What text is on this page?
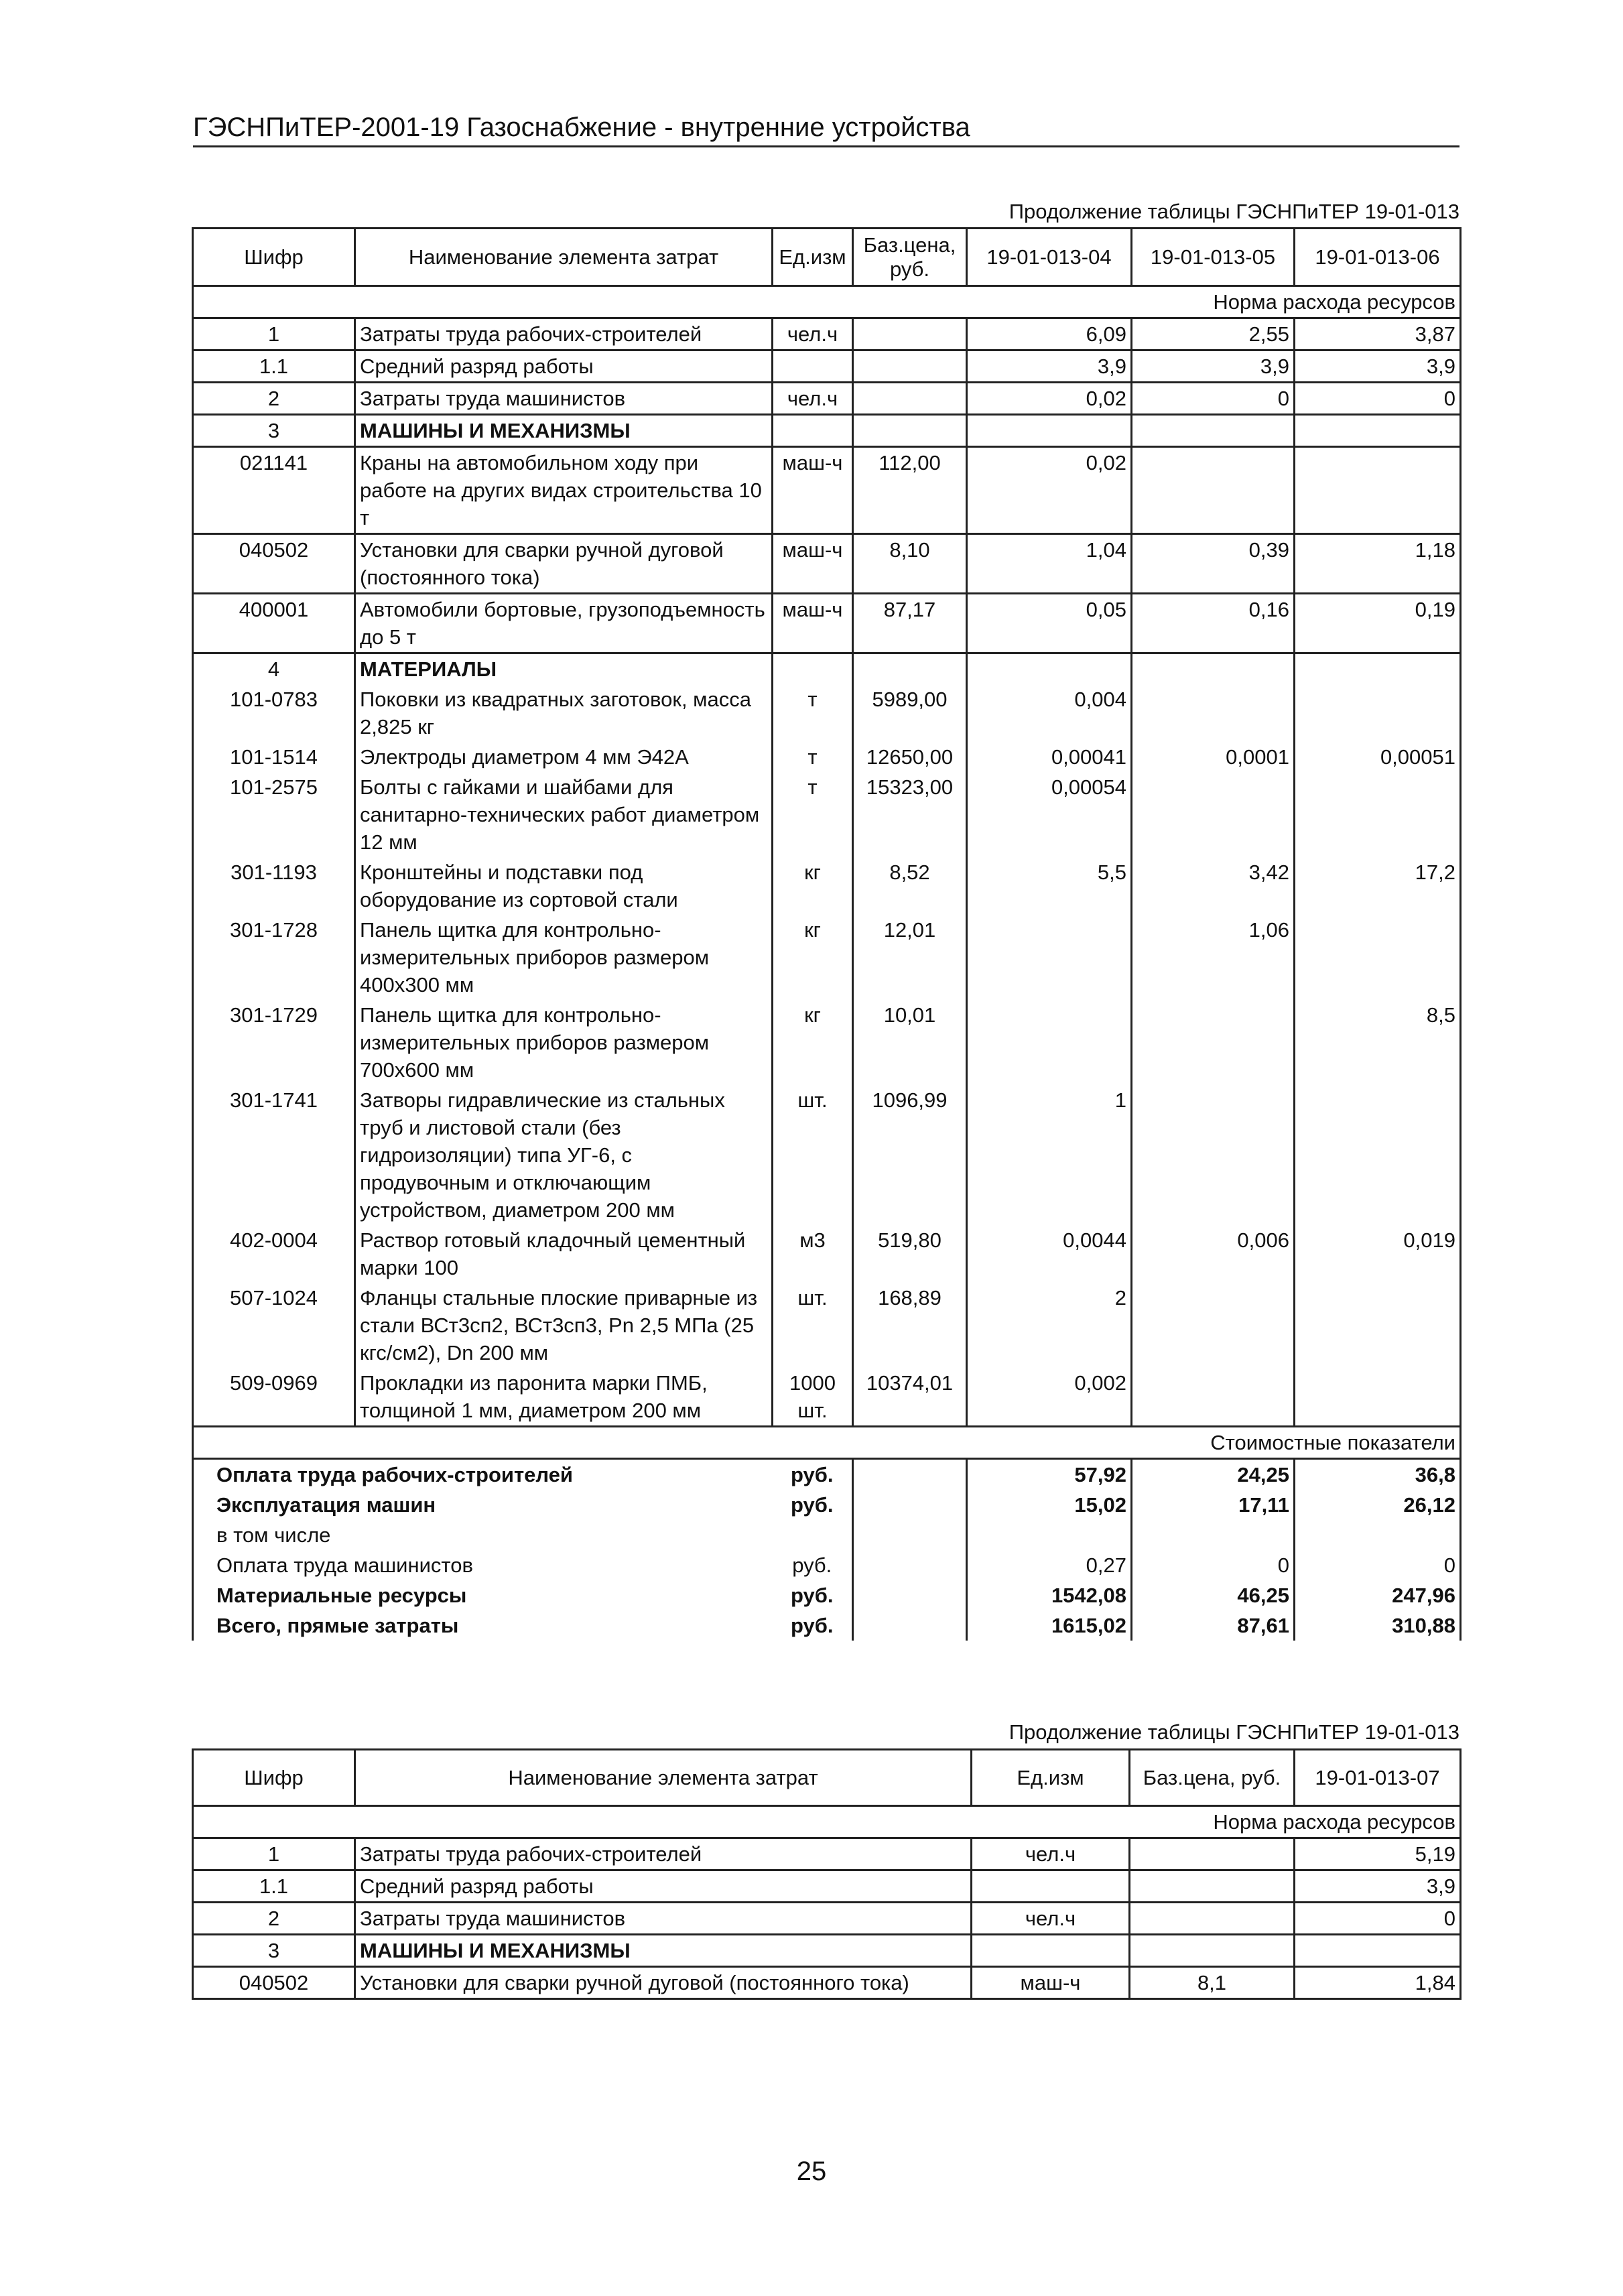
ГЭСНПиТЕР-2001-19 Газоснабжение - внутренние устройства
Продолжение таблицы ГЭСНПиТЕР 19-01-013
Шифр	Наименование элемента затрат	Ед.изм	Баз.цена, руб.	19-01-013-04	19-01-013-05	19-01-013-06
Норма расхода ресурсов						
1	Затраты труда рабочих-строителей	чел.ч		6,09	2,55	3,87
1.1	Средний разряд работы			3,9	3,9	3,9
2	Затраты труда машинистов	чел.ч		0,02	0	0
3	МАШИНЫ И МЕХАНИЗМЫ					
021141	Краны на автомобильном ходу при работе на других видах строительства 10 т	маш-ч	112,00	0,02		
040502	Установки для сварки ручной дуговой (постоянного тока)	маш-ч	8,10	1,04	0,39	1,18
400001	Автомобили бортовые, грузоподъемность до 5 т	маш-ч	87,17	0,05	0,16	0,19
4	МАТЕРИАЛЫ					
101-0783	Поковки из квадратных заготовок, масса 2,825 кг	т	5989,00	0,004		
101-1514	Электроды диаметром 4 мм Э42А	т	12650,00	0,00041	0,0001	0,00051
101-2575	Болты с гайками и шайбами для санитарно-технических работ диаметром 12 мм	т	15323,00	0,00054		
301-1193	Кронштейны и подставки под оборудование из сортовой стали	кг	8,52	5,5	3,42	17,2
301-1728	Панель щитка для контрольно-измерительных приборов размером 400x300 мм	кг	12,01		1,06	
301-1729	Панель щитка для контрольно-измерительных приборов размером 700x600 мм	кг	10,01			8,5
301-1741	Затворы гидравлические из стальных труб и листовой стали (без гидроизоляции) типа УГ-6, с продувочным и отключающим устройством, диаметром 200 мм	шт.	1096,99	1		
402-0004	Раствор готовый кладочный цементный марки 100	м3	519,80	0,0044	0,006	0,019
507-1024	Фланцы стальные плоские приварные из стали ВСт3сп2, ВСт3сп3, Pn 2,5 МПа (25 кгс/см2), Dn 200 мм	шт.	168,89	2		
509-0969	Прокладки из паронита марки ПМБ, толщиной 1 мм, диаметром 200 мм	1000 шт.	10374,01	0,002		
Стоимостные показатели						
Оплата труда рабочих-строителей		руб.		57,92	24,25	36,8
Эксплуатация машин		руб.		15,02	17,11	26,12
в том числе						
Оплата труда машинистов		руб.		0,27	0	0
Материальные ресурсы		руб.		1542,08	46,25	247,96
Всего, прямые затраты		руб.		1615,02	87,61	310,88
Продолжение таблицы ГЭСНПиТЕР 19-01-013
Шифр	Наименование элемента затрат	Ед.изм	Баз.цена, руб.	19-01-013-07
Норма расхода ресурсов				
1	Затраты труда рабочих-строителей	чел.ч		5,19
1.1	Средний разряд работы			3,9
2	Затраты труда машинистов	чел.ч		0
3	МАШИНЫ И МЕХАНИЗМЫ			
040502	Установки для сварки ручной дуговой (постоянного тока)	маш-ч	8,1	1,84
25
